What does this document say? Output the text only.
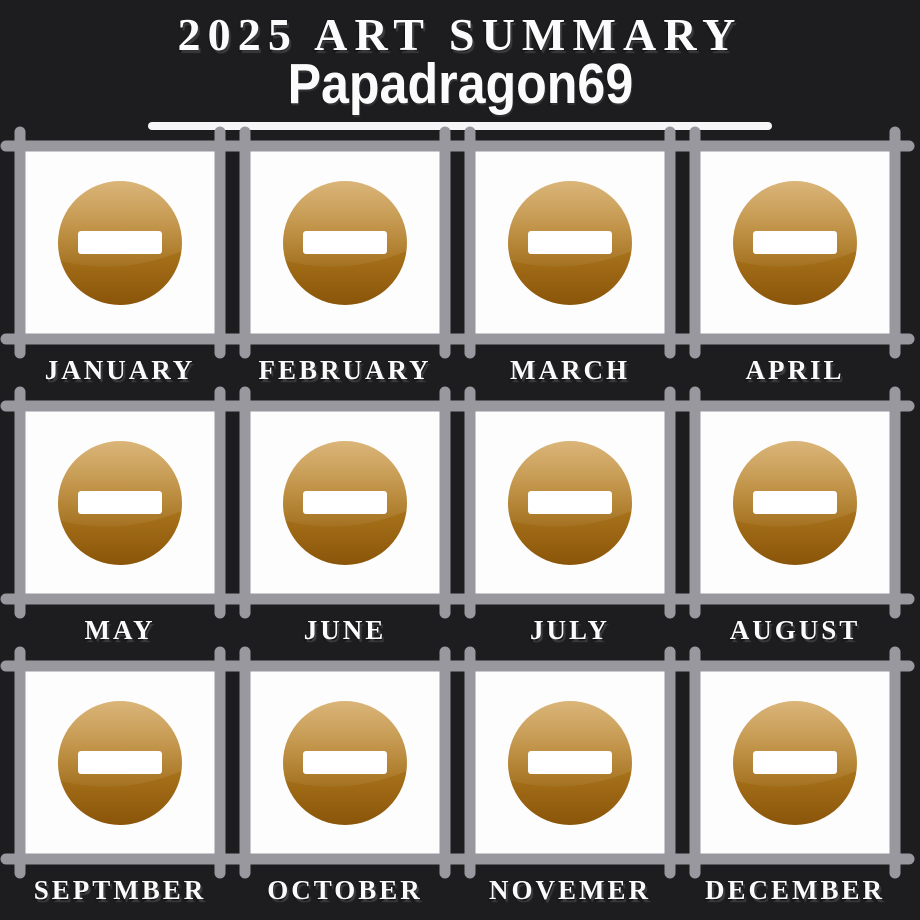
2025 ART SUMMARY
Papadragon69
JANUARY	FEBRUARY	MARCH	APRIL
MAY	JUNE	JULY	AUGUST
SEPTMBER	OCTOBER	NOVEMER	DECEMBER
